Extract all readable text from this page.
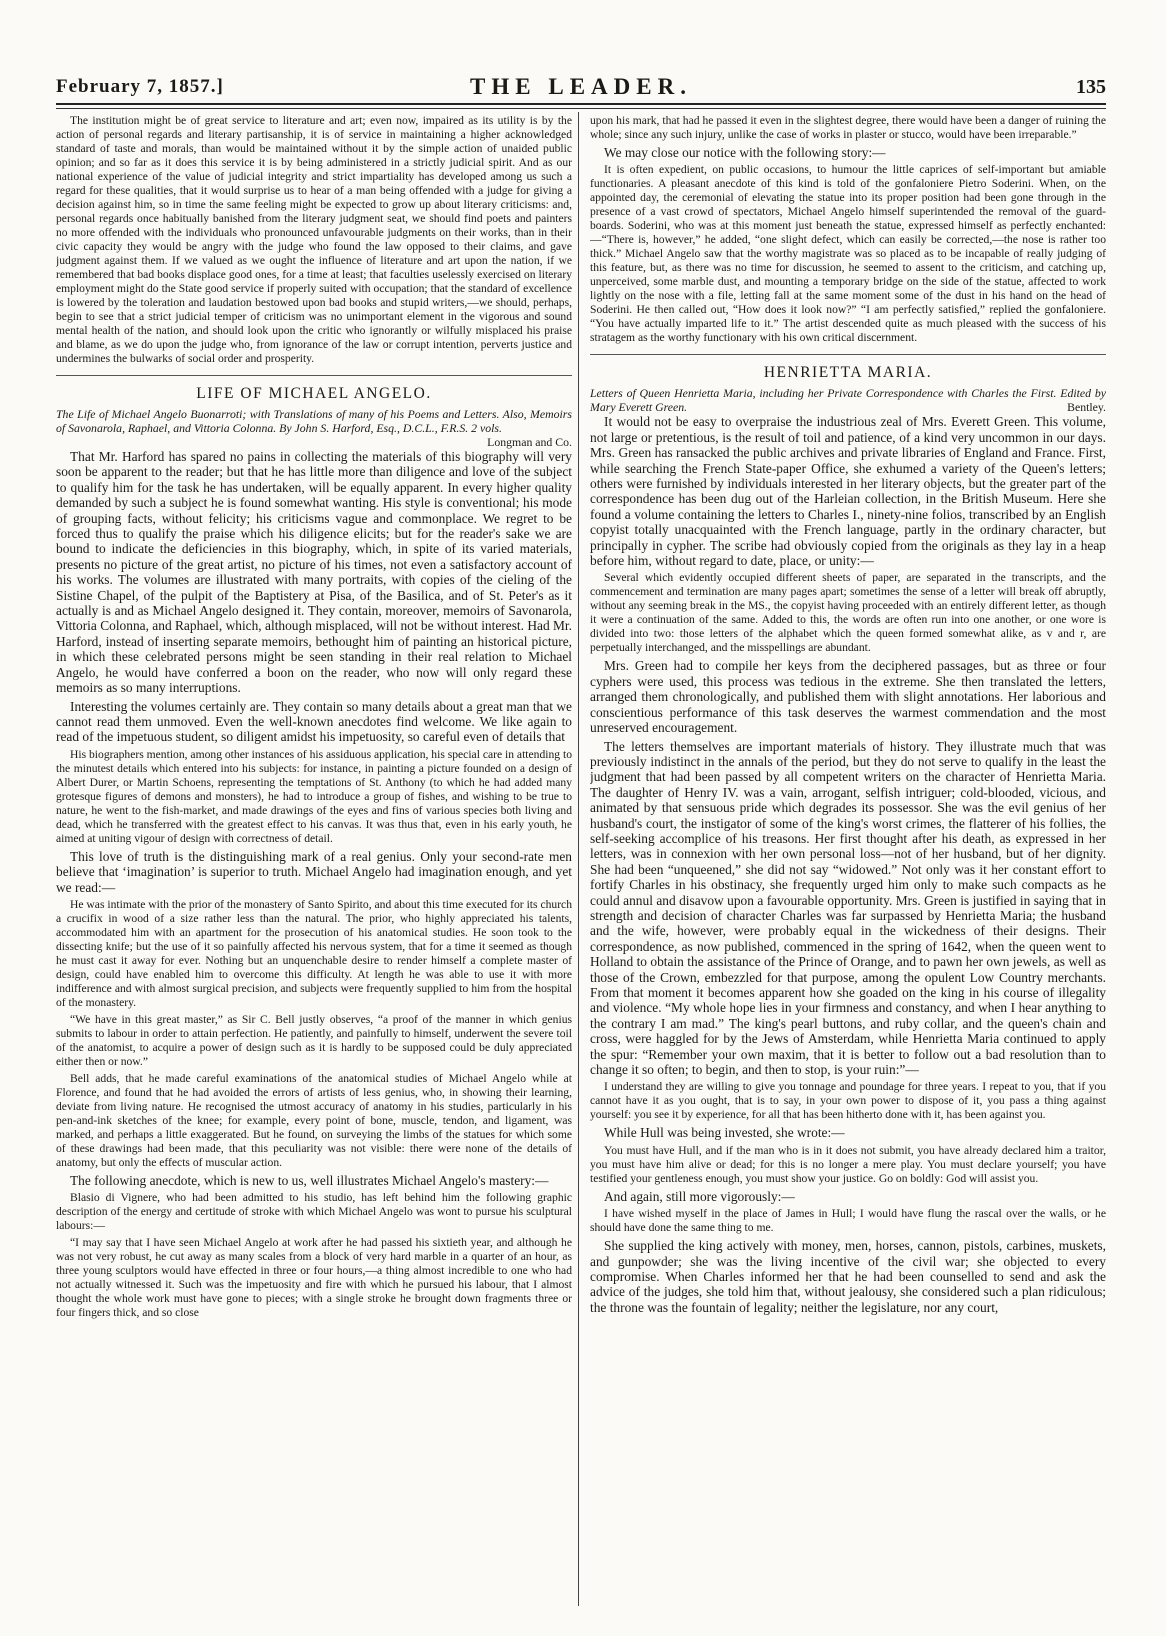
February 7, 1857.]	THE LEADER.	135

The institution might be of great service to literature and art; even now, impaired as its utility is by the action of personal regards and literary partisanship, it is of service in maintaining a higher acknowledged standard of taste and morals, than would be maintained without it by the simple action of unaided public opinion; and so far as it does this service it is by being administered in a strictly judicial spirit. And as our national experience of the value of judicial integrity and strict impartiality has developed among us such a regard for these qualities, that it would surprise us to hear of a man being offended with a judge for giving a decision against him, so in time the same feeling might be expected to grow up about literary criticisms: and, personal regards once habitually banished from the literary judgment seat, we should find poets and painters no more offended with the individuals who pronounced unfavourable judgments on their works, than in their civic capacity they would be angry with the judge who found the law opposed to their claims, and gave judgment against them. If we valued as we ought the influence of literature and art upon the nation, if we remembered that bad books displace good ones, for a time at least; that faculties uselessly exercised on literary employment might do the State good service if properly suited with occupation; that the standard of excellence is lowered by the toleration and laudation bestowed upon bad books and stupid writers,—we should, perhaps, begin to see that a strict judicial temper of criticism was no unimportant element in the vigorous and sound mental health of the nation, and should look upon the critic who ignorantly or wilfully misplaced his praise and blame, as we do upon the judge who, from ignorance of the law or corrupt intention, perverts justice and undermines the bulwarks of social order and prosperity.

LIFE OF MICHAEL ANGELO.
The Life of Michael Angelo Buonarroti; with Translations of many of his Poems and Letters. Also, Memoirs of Savonarola, Raphael, and Vittoria Colonna. By John S. Harford, Esq., D.C.L., F.R.S. 2 vols.
Longman and Co.

That Mr. Harford has spared no pains in collecting the materials of this biography will very soon be apparent to the reader; but that he has little more than diligence and love of the subject to qualify him for the task he has undertaken, will be equally apparent. In every higher quality demanded by such a subject he is found somewhat wanting. His style is conventional; his mode of grouping facts, without felicity; his criticisms vague and commonplace. We regret to be forced thus to qualify the praise which his diligence elicits; but for the reader's sake we are bound to indicate the deficiencies in this biography, which, in spite of its varied materials, presents no picture of the great artist, no picture of his times, not even a satisfactory account of his works. The volumes are illustrated with many portraits, with copies of the cieling of the Sistine Chapel, of the pulpit of the Baptistery at Pisa, of the Basilica, and of St. Peter's as it actually is and as Michael Angelo designed it. They contain, moreover, memoirs of Savonarola, Vittoria Colonna, and Raphael, which, although misplaced, will not be without interest. Had Mr. Harford, instead of inserting separate memoirs, bethought him of painting an historical picture, in which these celebrated persons might be seen standing in their real relation to Michael Angelo, he would have conferred a boon on the reader, who now will only regard these memoirs as so many interruptions.

Interesting the volumes certainly are. They contain so many details about a great man that we cannot read them unmoved. Even the well-known anecdotes find welcome. We like again to read of the impetuous student, so diligent amidst his impetuosity, so careful even of details that

His biographers mention, among other instances of his assiduous application, his special care in attending to the minutest details which entered into his subjects: for instance, in painting a picture founded on a design of Albert Durer, or Martin Schoens, representing the temptations of St. Anthony (to which he had added many grotesque figures of demons and monsters), he had to introduce a group of fishes, and wishing to be true to nature, he went to the fish-market, and made drawings of the eyes and fins of various species both living and dead, which he transferred with the greatest effect to his canvas. It was thus that, even in his early youth, he aimed at uniting vigour of design with correctness of detail.

This love of truth is the distinguishing mark of a real genius. Only your second-rate men believe that ‘imagination’ is superior to truth. Michael Angelo had imagination enough, and yet we read:—

He was intimate with the prior of the monastery of Santo Spirito, and about this time executed for its church a crucifix in wood of a size rather less than the natural. The prior, who highly appreciated his talents, accommodated him with an apartment for the prosecution of his anatomical studies. He soon took to the dissecting knife; but the use of it so painfully affected his nervous system, that for a time it seemed as though he must cast it away for ever. Nothing but an unquenchable desire to render himself a complete master of design, could have enabled him to overcome this difficulty. At length he was able to use it with more indifference and with almost surgical precision, and subjects were frequently supplied to him from the hospital of the monastery.

“We have in this great master,” as Sir C. Bell justly observes, “a proof of the manner in which genius submits to labour in order to attain perfection. He patiently, and painfully to himself, underwent the severe toil of the anatomist, to acquire a power of design such as it is hardly to be supposed could be duly appreciated either then or now.”

Bell adds, that he made careful examinations of the anatomical studies of Michael Angelo while at Florence, and found that he had avoided the errors of artists of less genius, who, in showing their learning, deviate from living nature. He recognised the utmost accuracy of anatomy in his studies, particularly in his pen-and-ink sketches of the knee; for example, every point of bone, muscle, tendon, and ligament, was marked, and perhaps a little exaggerated. But he found, on surveying the limbs of the statues for which some of these drawings had been made, that this peculiarity was not visible: there were none of the details of anatomy, but only the effects of muscular action.

The following anecdote, which is new to us, well illustrates Michael Angelo's mastery:—

Blasio di Vignere, who had been admitted to his studio, has left behind him the following graphic description of the energy and certitude of stroke with which Michael Angelo was wont to pursue his sculptural labours:—

“I may say that I have seen Michael Angelo at work after he had passed his sixtieth year, and although he was not very robust, he cut away as many scales from a block of very hard marble in a quarter of an hour, as three young sculptors would have effected in three or four hours,—a thing almost incredible to one who had not actually witnessed it. Such was the impetuosity and fire with which he pursued his labour, that I almost thought the whole work must have gone to pieces; with a single stroke he brought down fragments three or four fingers thick, and so close

upon his mark, that had he passed it even in the slightest degree, there would have been a danger of ruining the whole; since any such injury, unlike the case of works in plaster or stucco, would have been irreparable.”

We may close our notice with the following story:—

It is often expedient, on public occasions, to humour the little caprices of self-important but amiable functionaries. A pleasant anecdote of this kind is told of the gonfaloniere Pietro Soderini. When, on the appointed day, the ceremonial of elevating the statue into its proper position had been gone through in the presence of a vast crowd of spectators, Michael Angelo himself superintended the removal of the guard-boards. Soderini, who was at this moment just beneath the statue, expressed himself as perfectly enchanted:—“There is, however,” he added, “one slight defect, which can easily be corrected,—the nose is rather too thick.” Michael Angelo saw that the worthy magistrate was so placed as to be incapable of really judging of this feature, but, as there was no time for discussion, he seemed to assent to the criticism, and catching up, unperceived, some marble dust, and mounting a temporary bridge on the side of the statue, affected to work lightly on the nose with a file, letting fall at the same moment some of the dust in his hand on the head of Soderini. He then called out, “How does it look now?” “I am perfectly satisfied,” replied the gonfaloniere. “You have actually imparted life to it.” The artist descended quite as much pleased with the success of his stratagem as the worthy functionary with his own critical discernment.

HENRIETTA MARIA.
Letters of Queen Henrietta Maria, including her Private Correspondence with Charles the First. Edited by Mary Everett Green.	Bentley.

It would not be easy to overpraise the industrious zeal of Mrs. Everett Green. This volume, not large or pretentious, is the result of toil and patience, of a kind very uncommon in our days. Mrs. Green has ransacked the public archives and private libraries of England and France. First, while searching the French State-paper Office, she exhumed a variety of the Queen's letters; others were furnished by individuals interested in her literary objects, but the greater part of the correspondence has been dug out of the Harleian collection, in the British Museum. Here she found a volume containing the letters to Charles I., ninety-nine folios, transcribed by an English copyist totally unacquainted with the French language, partly in the ordinary character, but principally in cypher. The scribe had obviously copied from the originals as they lay in a heap before him, without regard to date, place, or unity:—

Several which evidently occupied different sheets of paper, are separated in the transcripts, and the commencement and termination are many pages apart; sometimes the sense of a letter will break off abruptly, without any seeming break in the MS., the copyist having proceeded with an entirely different letter, as though it were a continuation of the same. Added to this, the words are often run into one another, or one wore is divided into two: those letters of the alphabet which the queen formed somewhat alike, as v and r, are perpetually interchanged, and the misspellings are abundant.

Mrs. Green had to compile her keys from the deciphered passages, but as three or four cyphers were used, this process was tedious in the extreme. She then translated the letters, arranged them chronologically, and published them with slight annotations. Her laborious and conscientious performance of this task deserves the warmest commendation and the most unreserved encouragement.

The letters themselves are important materials of history. They illustrate much that was previously indistinct in the annals of the period, but they do not serve to qualify in the least the judgment that had been passed by all competent writers on the character of Henrietta Maria. The daughter of Henry IV. was a vain, arrogant, selfish intriguer; cold-blooded, vicious, and animated by that sensuous pride which degrades its possessor. She was the evil genius of her husband's court, the instigator of some of the king's worst crimes, the flatterer of his follies, the self-seeking accomplice of his treasons. Her first thought after his death, as expressed in her letters, was in connexion with her own personal loss—not of her husband, but of her dignity. She had been “unqueened,” she did not say “widowed.” Not only was it her constant effort to fortify Charles in his obstinacy, she frequently urged him only to make such compacts as he could annul and disavow upon a favourable opportunity. Mrs. Green is justified in saying that in strength and decision of character Charles was far surpassed by Henrietta Maria; the husband and the wife, however, were probably equal in the wickedness of their designs. Their correspondence, as now published, commenced in the spring of 1642, when the queen went to Holland to obtain the assistance of the Prince of Orange, and to pawn her own jewels, as well as those of the Crown, embezzled for that purpose, among the opulent Low Country merchants. From that moment it becomes apparent how she goaded on the king in his course of illegality and violence. “My whole hope lies in your firmness and constancy, and when I hear anything to the contrary I am mad.” The king's pearl buttons, and ruby collar, and the queen's chain and cross, were haggled for by the Jews of Amsterdam, while Henrietta Maria continued to apply the spur: “Remember your own maxim, that it is better to follow out a bad resolution than to change it so often; to begin, and then to stop, is your ruin:”—

I understand they are willing to give you tonnage and poundage for three years. I repeat to you, that if you cannot have it as you ought, that is to say, in your own power to dispose of it, you pass a thing against yourself: you see it by experience, for all that has been hitherto done with it, has been against you.

While Hull was being invested, she wrote:—

You must have Hull, and if the man who is in it does not submit, you have already declared him a traitor, you must have him alive or dead; for this is no longer a mere play. You must declare yourself; you have testified your gentleness enough, you must show your justice. Go on boldly: God will assist you.

And again, still more vigorously:—

I have wished myself in the place of James in Hull; I would have flung the rascal over the walls, or he should have done the same thing to me.

She supplied the king actively with money, men, horses, cannon, pistols, carbines, muskets, and gunpowder; she was the living incentive of the civil war; she objected to every compromise. When Charles informed her that he had been counselled to send and ask the advice of the judges, she told him that, without jealousy, she considered such a plan ridiculous; the throne was the fountain of legality; neither the legislature, nor any court,
